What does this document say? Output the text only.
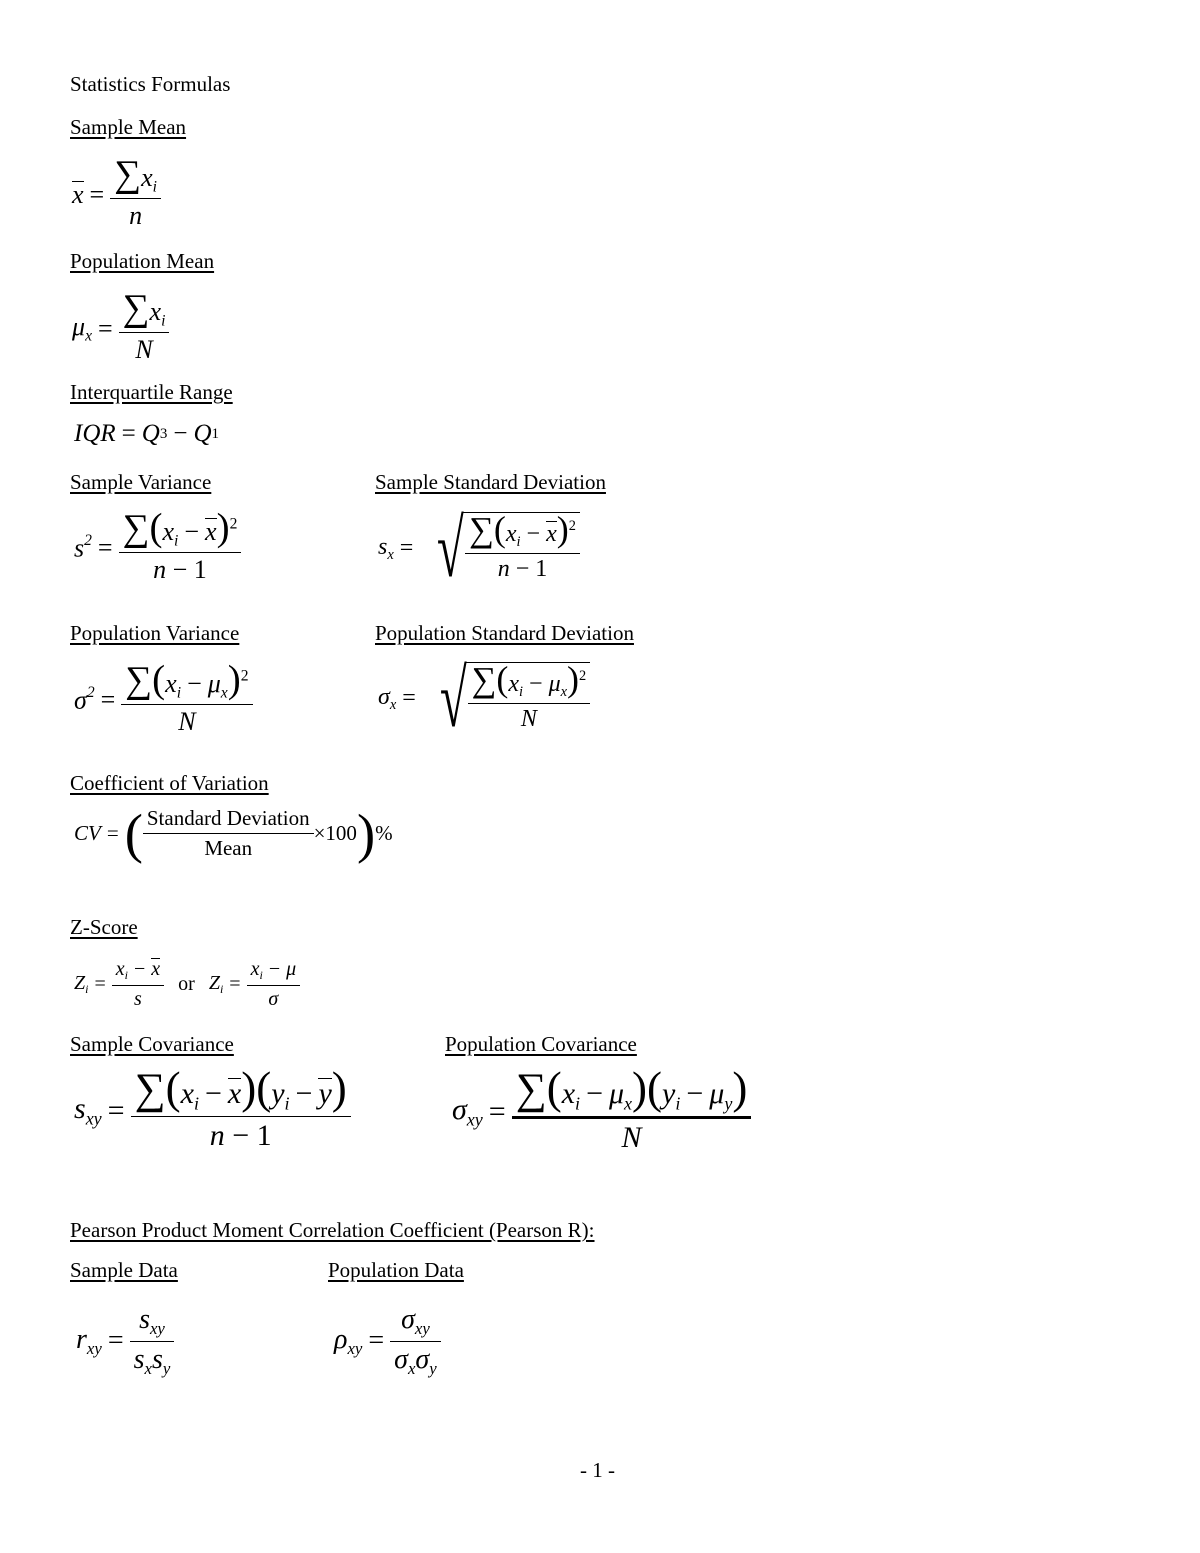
Statistics Formulas
Sample Mean
$x = \frac{\sum x_i}{n}$
Population Mean
$\mu_x = \frac{\sum x_i}{N}$
Interquartile Range
IQR = Q 3 − Q 1
Sample Variance	Sample Standard Deviation
$s^2 = \frac{\sum(x_i - x)^2}{n - 1}$	$s_x$ = √ $\frac{\sum(x_i - x)^2}{n - 1}$
Population Variance	Population Standard Deviation
$\sigma^2 = \frac{\sum(x_i - \mu_x)^2}{N}$	$\sigma_x$ = √ $\frac{\sum(x_i - \mu_x)^2}{N}$
Coefficient of Variation
CV = ( $\frac{\text{Standard Deviation}}{\text{Mean}} \times 100$ ) %
Z-Score
$Z_i = \frac{x_i - x}{s}$ or $Z_i = \frac{x_i - \mu}{\sigma}$
Sample Covariance	Population Covariance
$s_{xy} = \frac{\sum(x_i - x)(y_i - y)}{n - 1}$	$\sigma_{xy} = \frac{\sum(x_i - \mu_x)(y_i - \mu_y)}{N}$
Pearson Product Moment Correlation Coefficient (Pearson R):
Sample Data	Population Data
$r_{xy} = \frac{s_{xy}}{s_xs_y}$	$\rho_{xy} = \frac{\sigma_{xy}}{\sigma_x\sigma_y}$
- 1 -
